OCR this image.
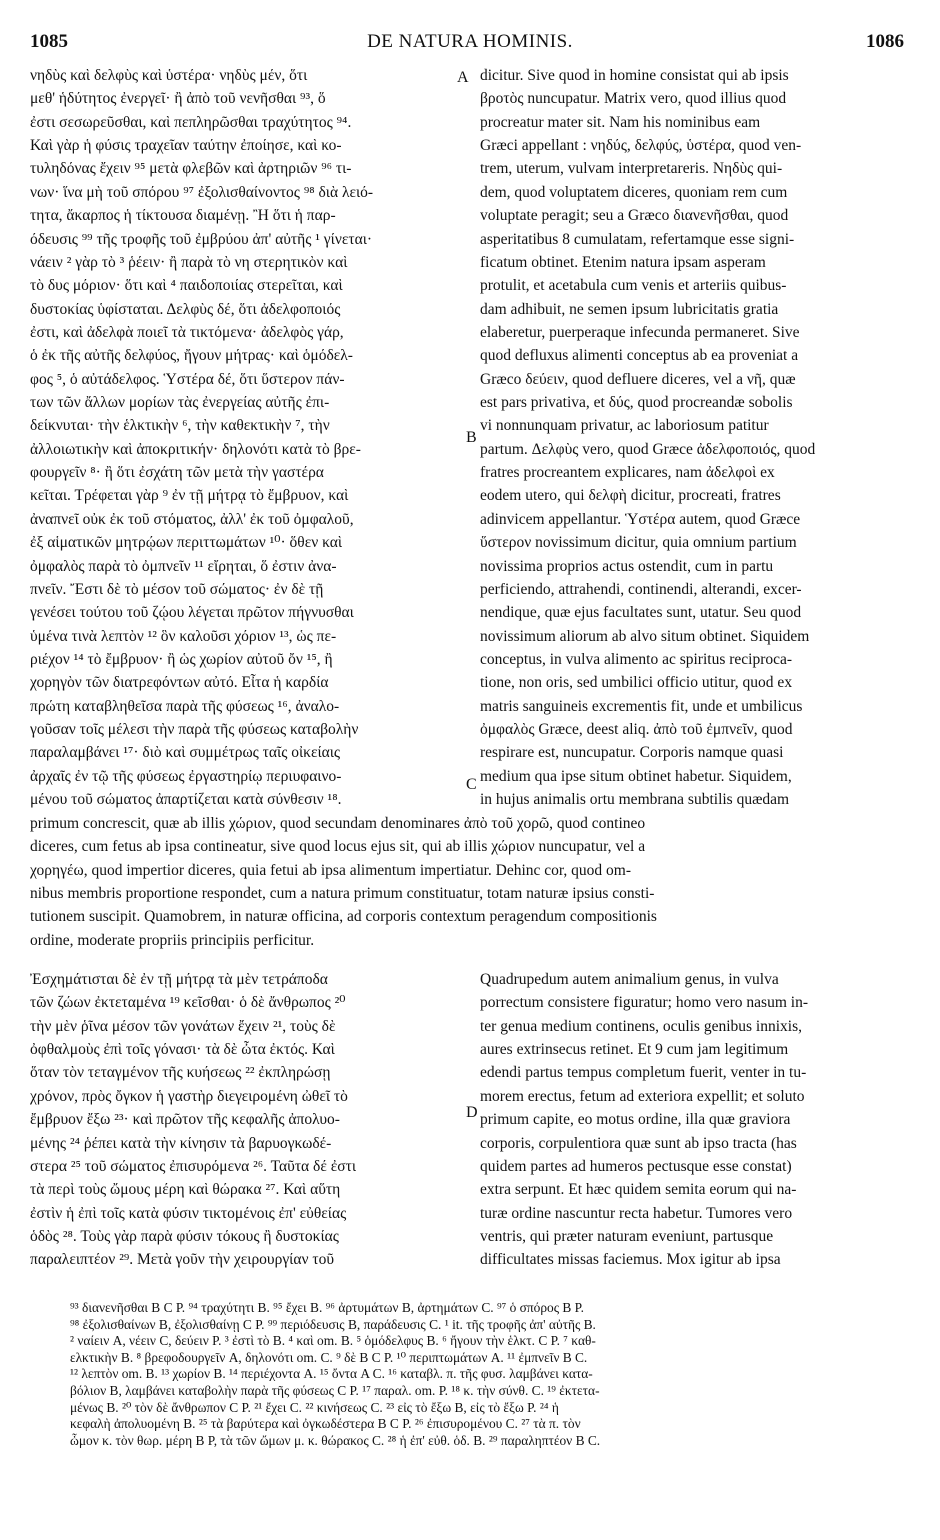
1085	DE NATURA HOMINIS.	1086
A
B
C
D
νηδὺς καὶ δελφὺς καὶ ὑστέρα· νηδὺς μέν, ὅτι
μεθ' ἡδύτητος ἐνεργεῖ· ἢ ἀπὸ τοῦ νενῆσθαι ⁹³, ὅ
ἐστι σεσωρεῦσθαι, καὶ πεπληρῶσθαι τραχύτητος ⁹⁴.
Καὶ γὰρ ἡ φύσις τραχεῖαν ταύτην ἐποίησε, καὶ κο-
τυληδόνας ἔχειν ⁹⁵ μετὰ φλεβῶν καὶ ἀρτηριῶν ⁹⁶ τι-
νων· ἵνα μὴ τοῦ σπόρου ⁹⁷ ἐξολισθαίνοντος ⁹⁸ διὰ λειό-
τητα, ἄκαρπος ἡ τίκτουσα διαμένῃ. Ἢ ὅτι ἡ παρ-
όδευσις ⁹⁹ τῆς τροφῆς τοῦ ἐμβρύου ἀπ' αὐτῆς ¹ γίνεται·
νάειν ² γὰρ τὸ ³ ῥέειν· ἢ παρὰ τὸ νη στερητικὸν καὶ
τὸ δυς μόριον· ὅτι καὶ ⁴ παιδοποιίας στερεῖται, καὶ
δυστοκίας ὑφίσταται. Δελφὺς δέ, ὅτι ἀδελφοποιός
ἐστι, καὶ ἀδελφὰ ποιεῖ τὰ τικτόμενα· ἀδελφὸς γάρ,
ὁ ἐκ τῆς αὐτῆς δελφύος, ἤγουν μήτρας· καὶ ὁμόδελ-
φος ⁵, ὁ αὐτάδελφος. Ὑστέρα δέ, ὅτι ὕστερον πάν-
των τῶν ἄλλων μορίων τὰς ἐνεργείας αὐτῆς ἐπι-
δείκνυται· τὴν ἑλκτικὴν ⁶, τὴν καθεκτικὴν ⁷, τὴν
ἀλλοιωτικὴν καὶ ἀποκριτικήν· δηλονότι κατὰ τὸ βρε-
φουργεῖν ⁸· ἢ ὅτι ἐσχάτη τῶν μετὰ τὴν γαστέρα
κεῖται. Τρέφεται γὰρ ⁹ ἐν τῇ μήτρᾳ τὸ ἔμβρυον, καὶ
ἀναπνεῖ οὐκ ἐκ τοῦ στόματος, ἀλλ' ἐκ τοῦ ὀμφαλοῦ,
ἐξ αἱματικῶν μητρῴων περιττωμάτων ¹⁰· ὅθεν καὶ
ὀμφαλὸς παρὰ τὸ ὀμπνεῖν ¹¹ εἴρηται, ὅ ἐστιν ἀνα-
πνεῖν. Ἔστι δὲ τὸ μέσον τοῦ σώματος· ἐν δὲ τῇ
γενέσει τούτου τοῦ ζῴου λέγεται πρῶτον πήγνυσθαι
ὑμένα τινὰ λεπτὸν ¹² ὃν καλοῦσι χόριον ¹³, ὡς πε-
ριέχον ¹⁴ τὸ ἔμβρυον· ἢ ὡς χωρίον αὐτοῦ ὄν ¹⁵, ἢ
χορηγὸν τῶν διατρεφόντων αὐτό. Εἶτα ἡ καρδία
πρώτη καταβληθεῖσα παρὰ τῆς φύσεως ¹⁶, ἀναλο-
γοῦσαν τοῖς μέλεσι τὴν παρὰ τῆς φύσεως καταβολὴν
παραλαμβάνει ¹⁷· διὸ καὶ συμμέτρως ταῖς οἰκείαις
ἀρχαῖς ἐν τῷ τῆς φύσεως ἐργαστηρίῳ περιυφαινο-
μένου τοῦ σώματος ἀπαρτίζεται κατὰ σύνθεσιν ¹⁸.
dicitur. Sive quod in homine consistat qui ab ipsis
βροτὸς nuncupatur. Matrix vero, quod illius quod
procreatur mater sit. Nam his nominibus eam
Græci appellant : νηδύς, δελφύς, ὑστέρα, quod ven-
trem, uterum, vulvam interpretareris. Νηδὺς qui-
dem, quod voluptatem diceres, quoniam rem cum
voluptate peragit; seu a Græco διανενῆσθαι, quod
asperitatibus 8 cumulatam, refertamque esse signi-
ficatum obtinet. Etenim natura ipsam asperam
protulit, et acetabula cum venis et arteriis quibus-
dam adhibuit, ne semen ipsum lubricitatis gratia
elaberetur, puerperaque infecunda permaneret. Sive
quod defluxus alimenti conceptus ab ea proveniat a
Græco δεύειν, quod defluere diceres, vel a νῆ, quæ
est pars privativa, et δύς, quod procreandæ sobolis
vi nonnunquam privatur, ac laboriosum patitur
partum. Δελφὺς vero, quod Græce ἀδελφοποιός, quod
fratres procreantem explicares, nam ἀδελφοὶ ex
eodem utero, qui δελφὴ dicitur, procreati, fratres
adinvicem appellantur. Ὑστέρα autem, quod Græce
ὕστερον novissimum dicitur, quia omnium partium
novissima proprios actus ostendit, cum in partu
perficiendo, attrahendi, continendi, alterandi, excer-
nendique, quæ ejus facultates sunt, utatur. Seu quod
novissimum aliorum ab alvo situm obtinet. Siquidem
conceptus, in vulva alimento ac spiritus reciproca-
tione, non oris, sed umbilici officio utitur, quod ex
matris sanguineis excrementis fit, unde et umbilicus
ὀμφαλὸς Græce, deest aliq. ἀπὸ τοῦ ἐμπνεῖν, quod
respirare est, nuncupatur. Corporis namque quasi
medium qua ipse situm obtinet habetur. Siquidem,
in hujus animalis ortu membrana subtilis quædam
primum concrescit, quæ ab illis χώριον, quod secundam denominares ἀπὸ τοῦ χορῶ, quod contineo
diceres, cum fetus ab ipsa contineatur, sive quod locus ejus sit, qui ab illis χώριον nuncupatur, vel a
χορηγέω, quod impertior diceres, quia fetui ab ipsa alimentum impertiatur. Dehinc cor, quod om-
nibus membris proportione respondet, cum a natura primum constituatur, totam naturæ ipsius consti-
tutionem suscipit. Quamobrem, in naturæ officina, ad corporis contextum peragendum compositionis
ordine, moderate propriis principiis perficitur.
Ἐσχημάτισται δὲ ἐν τῇ μήτρᾳ τὰ μὲν τετράποδα
τῶν ζώων ἐκτεταμένα ¹⁹ κεῖσθαι· ὁ δὲ ἄνθρωπος ²⁰
τὴν μὲν ῥῖνα μέσον τῶν γονάτων ἔχειν ²¹, τοὺς δὲ
ὀφθαλμοὺς ἐπὶ τοῖς γόνασι· τὰ δὲ ὦτα ἐκτός. Καὶ
ὅταν τὸν τεταγμένον τῆς κυήσεως ²² ἐκπληρώσῃ
χρόνον, πρὸς ὄγκον ἡ γαστὴρ διεγειρομένη ὠθεῖ τὸ
ἔμβρυον ἔξω ²³· καὶ πρῶτον τῆς κεφαλῆς ἀπολυο-
μένης ²⁴ ῥέπει κατὰ τὴν κίνησιν τὰ βαρυογκωδέ-
στερα ²⁵ τοῦ σώματος ἐπισυρόμενα ²⁶. Ταῦτα δέ ἐστι
τὰ περὶ τοὺς ὤμους μέρη καὶ θώρακα ²⁷. Καὶ αὕτη
ἐστὶν ἡ ἐπὶ τοῖς κατὰ φύσιν τικτομένοις ἐπ' εὐθείας
ὁδὸς ²⁸. Τοὺς γὰρ παρὰ φύσιν τόκους ἢ δυστοκίας
παραλειπτέον ²⁹. Μετὰ γοῦν τὴν χειρουργίαν τοῦ
Quadrupedum autem animalium genus, in vulva
porrectum consistere figuratur; homo vero nasum in-
ter genua medium continens, oculis genibus innixis,
aures extrinsecus retinet. Et 9 cum jam legitimum
edendi partus tempus completum fuerit, venter in tu-
morem erectus, fetum ad exteriora expellit; et soluto
primum capite, eo motus ordine, illa quæ graviora
corporis, corpulentiora quæ sunt ab ipso tracta (has
quidem partes ad humeros pectusque esse constat)
extra serpunt. Et hæc quidem semita eorum qui na-
turæ ordine nascuntur recta habetur. Tumores vero
ventris, qui præter naturam eveniunt, partusque
difficultates missas faciemus. Mox igitur ab ipsa
⁹³ διανενῆσθαι B C P. ⁹⁴ τραχύτητι B. ⁹⁵ ἔχει B. ⁹⁶ ἀρτυμάτων B, ἀρτημάτων C. ⁹⁷ ὁ σπόρος B P.
⁹⁸ ἐξολισθαίνων B, ἐξολισθαίνῃ C P. ⁹⁹ περιόδευσις B, παράδευσις C. ¹ it. τῆς τροφῆς ἀπ' αὐτῆς B.
² ναίειν A, νέειν C, δεύειν P. ³ ἐστὶ τὸ B. ⁴ καὶ om. B. ⁵ ὁμόδελφυς B. ⁶ ἤγουν τὴν ἑλκτ. C P. ⁷ καθ-
ελκτικὴν B. ⁸ βρεφοδουργεῖν A, δηλονότι om. C. ⁹ δὲ B C P. ¹⁰ περιπτωμάτων A. ¹¹ ἐμπνεῖν B C.
¹² λεπτὸν om. B. ¹³ χωρίον B. ¹⁴ περιέχοντα A. ¹⁵ ὄντα A C. ¹⁶ καταβλ. π. τῆς φυσ. λαμβάνει κατα-
βόλιον B, λαμβάνει καταβολὴν παρὰ τῆς φύσεως C P. ¹⁷ παραλ. om. P. ¹⁸ κ. τὴν σύνθ. C. ¹⁹ ἐκτετα-
μένως B. ²⁰ τὸν δὲ ἄνθρωπον C P. ²¹ ἔχει C. ²² κινήσεως C. ²³ εἰς τὸ ἔξω B, εἰς τὸ ἔξω P. ²⁴ ἡ
κεφαλὴ ἀπολυομένη B. ²⁵ τὰ βαρύτερα καὶ ὀγκωδέστερα B C P. ²⁶ ἐπισυρομένου C. ²⁷ τὰ π. τὸν
ὦμον κ. τὸν θωρ. μέρη B P, τὰ τῶν ὤμων μ. κ. θώρακος C. ²⁸ ἡ ἐπ' εὐθ. ὁδ. B. ²⁹ παραληπτέον B C.
